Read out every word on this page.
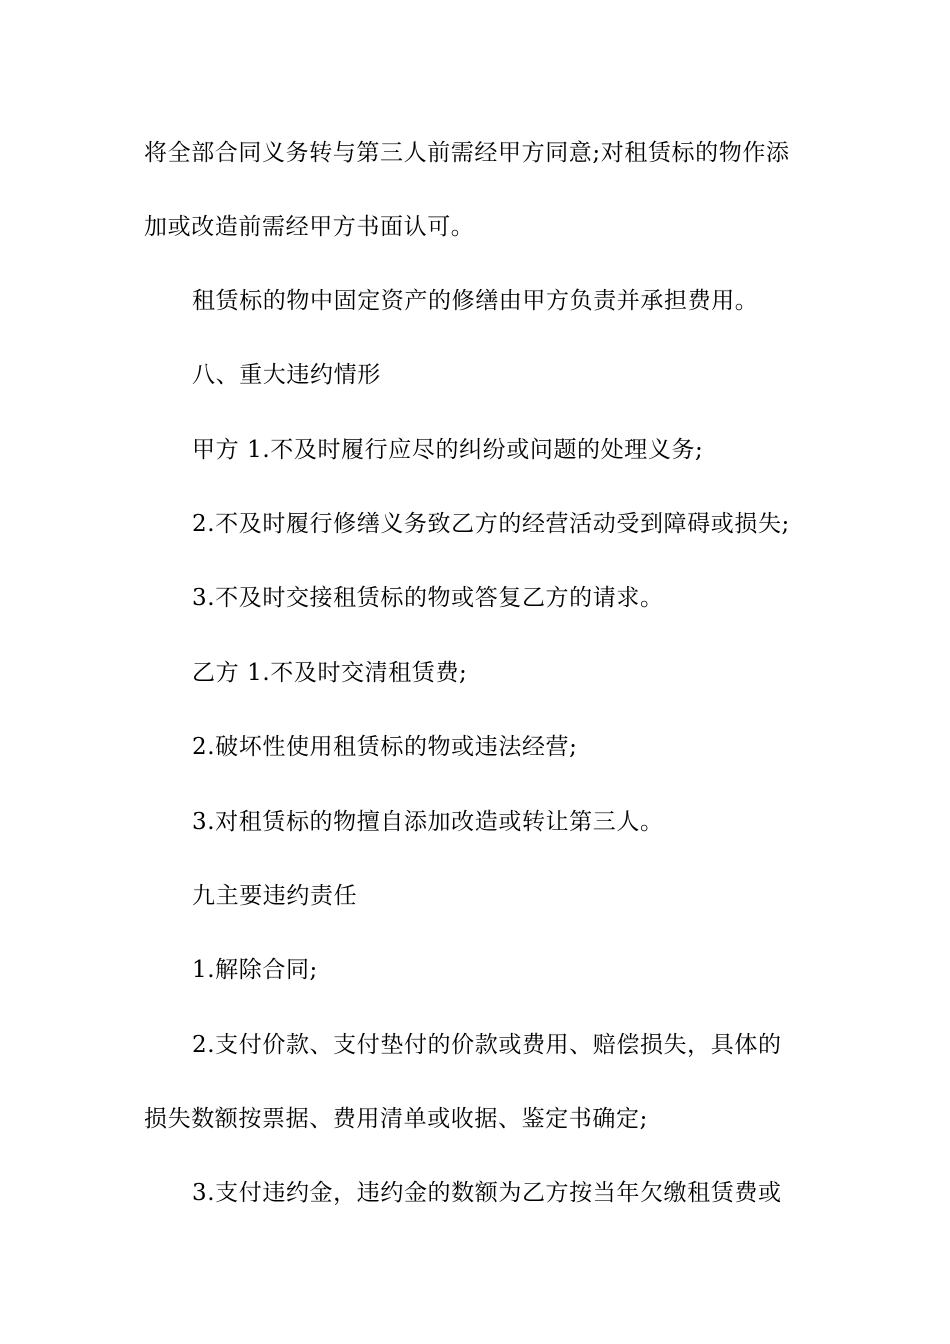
将全部合同义务转与第三人前需经甲方同意;对租赁标的物作添
加或改造前需经甲方书面认可。
租赁标的物中固定资产的修缮由甲方负责并承担费用。
八、重大违约情形
甲方 1.不及时履行应尽的纠纷或问题的处理义务;
2.不及时履行修缮义务致乙方的经营活动受到障碍或损失;
3.不及时交接租赁标的物或答复乙方的请求。
乙方 1.不及时交清租赁费;
2.破坏性使用租赁标的物或违法经营;
3.对租赁标的物擅自添加改造或转让第三人。
九主要违约责任
1.解除合同;
2.支付价款、支付垫付的价款或费用、赔偿损失，具体的
损失数额按票据、费用清单或收据、鉴定书确定;
3.支付违约金，违约金的数额为乙方按当年欠缴租赁费或
